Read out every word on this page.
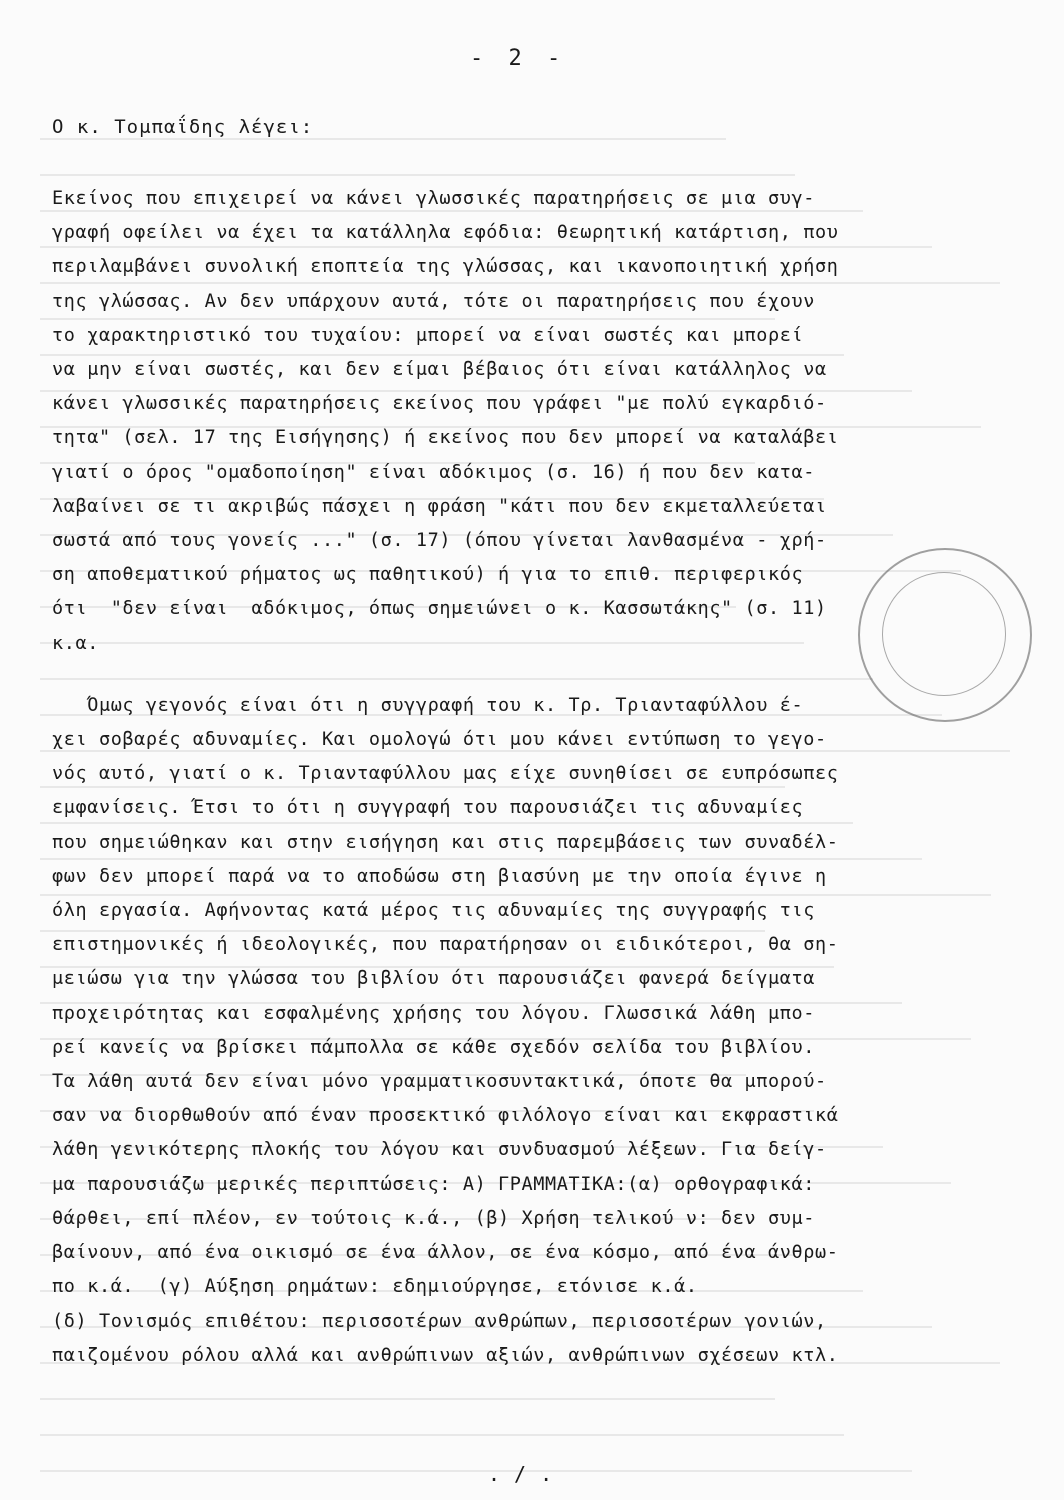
- 2 -
Ο κ. Τομπαΐδης λέγει:
Εκείνος που επιχειρεί να κάνει γλωσσικές παρατηρήσεις σε μια συγ-
γραφή οφείλει να έχει τα κατάλληλα εφόδια: θεωρητική κατάρτιση, που
περιλαμβάνει συνολική εποπτεία της γλώσσας, και ικανοποιητική χρήση
της γλώσσας. Αν δεν υπάρχουν αυτά, τότε οι παρατηρήσεις που έχουν
το χαρακτηριστικό του τυχαίου: μπορεί να είναι σωστές και μπορεί
να μην είναι σωστές, και δεν είμαι βέβαιος ότι είναι κατάλληλος να
κάνει γλωσσικές παρατηρήσεις εκείνος που γράφει "με πολύ εγκαρδιό-
τητα" (σελ. 17 της Εισήγησης) ή εκείνος που δεν μπορεί να καταλάβει
γιατί ο όρος "ομαδοποίηση" είναι αδόκιμος (σ. 16) ή που δεν κατα-
λαβαίνει σε τι ακριβώς πάσχει η φράση "κάτι που δεν εκμεταλλεύεται
σωστά από τους γονείς ..." (σ. 17) (όπου γίνεται λανθασμένα - χρή-
ση αποθεματικού ρήματος ως παθητικού) ή για το επιθ. περιφερικός
ότι  "δεν είναι  αδόκιμος, όπως σημειώνει ο κ. Κασσωτάκης" (σ. 11)
κ.α.
Όμως γεγονός είναι ότι η συγγραφή του κ. Τρ. Τριανταφύλλου έ-
χει σοβαρές αδυναμίες. Και ομολογώ ότι μου κάνει εντύπωση το γεγο-
νός αυτό, γιατί ο κ. Τριανταφύλλου μας είχε συνηθίσει σε ευπρόσωπες
εμφανίσεις. Έτσι το ότι η συγγραφή του παρουσιάζει τις αδυναμίες
που σημειώθηκαν και στην εισήγηση και στις παρεμβάσεις των συναδέλ-
φων δεν μπορεί παρά να το αποδώσω στη βιασύνη με την οποία έγινε η
όλη εργασία. Αφήνοντας κατά μέρος τις αδυναμίες της συγγραφής τις
επιστημονικές ή ιδεολογικές, που παρατήρησαν οι ειδικότεροι, θα ση-
μειώσω για την γλώσσα του βιβλίου ότι παρουσιάζει φανερά δείγματα
προχειρότητας και εσφαλμένης χρήσης του λόγου. Γλωσσικά λάθη μπο-
ρεί κανείς να βρίσκει πάμπολλα σε κάθε σχεδόν σελίδα του βιβλίου.
Τα λάθη αυτά δεν είναι μόνο γραμματικοσυντακτικά, όποτε θα μπορού-
σαν να διορθωθούν από έναν προσεκτικό φιλόλογο είναι και εκφραστικά
λάθη γενικότερης πλοκής του λόγου και συνδυασμού λέξεων. Για δείγ-
μα παρουσιάζω μερικές περιπτώσεις: Α) ΓΡΑΜΜΑΤΙΚΑ:(α) ορθογραφικά:
θάρθει, επί πλέον, εν τούτοις κ.ά., (β) Χρήση τελικού ν: δεν συμ-
βαίνουν, από ένα οικισμό σε ένα άλλον, σε ένα κόσμο, από ένα άνθρω-
πο κ.ά.  (γ) Αύξηση ρημάτων: εδημιούργησε, ετόνισε κ.ά.
(δ) Τονισμός επιθέτου: περισσοτέρων ανθρώπων, περισσοτέρων γονιών,
παιζομένου ρόλου αλλά και ανθρώπινων αξιών, ανθρώπινων σχέσεων κτλ.
./.
